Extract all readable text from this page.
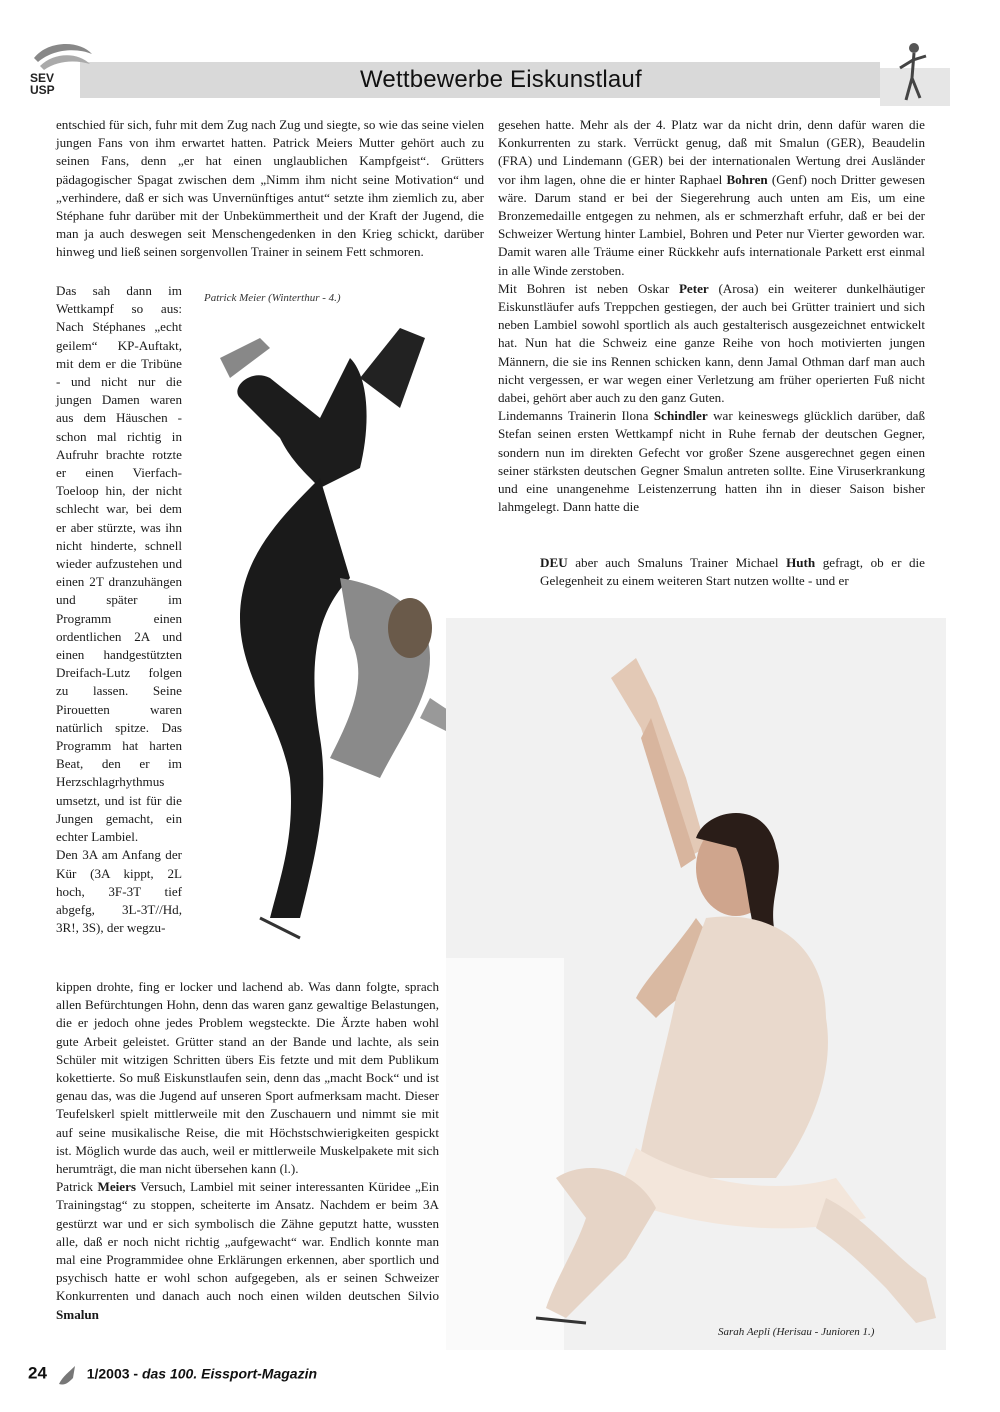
SEV
USP	Wettbewerbe Eiskunstlauf

entschied für sich, fuhr mit dem Zug nach Zug und siegte, so wie das seine vielen jungen Fans von ihm erwartet hatten. Patrick Meiers Mutter gehört auch zu seinen Fans, denn „er hat einen unglaublichen Kampfgeist“. Grütters pädagogischer Spagat zwischen dem „Nimm ihm nicht seine Motivation“ und „verhindere, daß er sich was Unvernünftiges antut“ setzte ihm ziemlich zu, aber Stéphane fuhr darüber mit der Unbekümmertheit und der Kraft der Jugend, die man ja auch deswegen seit Menschengedenken in den Krieg schickt, darüber hinweg und ließ seinen sorgenvollen Trainer in seinem Fett schmoren.

Das sah dann im Wettkampf so aus: Nach Stéphanes „echt geilem“ KP-Auftakt, mit dem er die Tribüne - und nicht nur die jungen Damen waren aus dem Häuschen - schon mal richtig in Aufruhr brachte rotzte er einen Vierfach-Toeloop hin, der nicht schlecht war, bei dem er aber stürzte, was ihn nicht hinderte, schnell wieder aufzustehen und einen 2T dranzuhängen und später im Programm einen ordentlichen 2A und einen handgestützten Dreifach-Lutz folgen zu lassen. Seine Pirouetten waren natürlich spitze. Das Programm hat harten Beat, den er im Herzschlagrhythmus umsetzt, und ist für die Jungen gemacht, ein echter Lambiel.

Den 3A am Anfang der Kür (3A kippt, 2L hoch, 3F-3T tief abgefg, 3L-3T//Hd, 3R!, 3S), der wegzu-

Patrick Meier (Winterthur - 4.)

kippen drohte, fing er locker und lachend ab. Was dann folgte, sprach allen Befürchtungen Hohn, denn das waren ganz gewaltige Belastungen, die er jedoch ohne jedes Problem wegsteckte. Die Ärzte haben wohl gute Arbeit geleistet. Grütter stand an der Bande und lachte, als sein Schüler mit witzigen Schritten übers Eis fetzte und mit dem Publikum kokettierte. So muß Eiskunstlaufen sein, denn das „macht Bock“ und ist genau das, was die Jugend auf unseren Sport aufmerksam macht. Dieser Teufelskerl spielt mittlerweile mit den Zuschauern und nimmt sie mit auf seine musikalische Reise, die mit Höchstschwierigkeiten gespickt ist. Möglich wurde das auch, weil er mittlerweile Muskelpakete mit sich herumträgt, die man nicht übersehen kann (l.).

Patrick Meiers Versuch, Lambiel mit seiner interessanten Küridee „Ein Trainingstag“ zu stoppen, scheiterte im Ansatz. Nachdem er beim 3A gestürzt war und er sich symbolisch die Zähne geputzt hatte, wussten alle, daß er noch nicht richtig „aufgewacht“ war. Endlich konnte man mal eine Programmidee ohne Erklärungen erkennen, aber sportlich und psychisch hatte er wohl schon aufgegeben, als er seinen Schweizer Konkurrenten und danach auch noch einen wilden deutschen Silvio Smalun

gesehen hatte. Mehr als der 4. Platz war da nicht drin, denn dafür waren die Konkurrenten zu stark. Verrückt genug, daß mit Smalun (GER), Beaudelin (FRA) und Lindemann (GER) bei der internationalen Wertung drei Ausländer vor ihm lagen, ohne die er hinter Raphael Bohren (Genf) noch Dritter gewesen wäre. Darum stand er bei der Siegerehrung auch unten am Eis, um eine Bronzemedaille entgegen zu nehmen, als er schmerzhaft erfuhr, daß er bei der Schweizer Wertung hinter Lambiel, Bohren und Peter nur Vierter geworden war. Damit waren alle Träume einer Rückkehr aufs internationale Parkett erst einmal in alle Winde zerstoben.

Mit Bohren ist neben Oskar Peter (Arosa) ein weiterer dunkelhäutiger Eiskunstläufer aufs Treppchen gestiegen, der auch bei Grütter trainiert und sich neben Lambiel sowohl sportlich als auch gestalterisch ausgezeichnet entwickelt hat. Nun hat die Schweiz eine ganze Reihe von hoch motivierten jungen Männern, die sie ins Rennen schicken kann, denn Jamal Othman darf man auch nicht vergessen, er war wegen einer Verletzung am früher operierten Fuß nicht dabei, gehört aber auch zu den ganz Guten.

Lindemanns Trainerin Ilona Schindler war keineswegs glücklich darüber, daß Stefan seinen ersten Wettkampf nicht in Ruhe fernab der deutschen Gegner, sondern nun im direkten Gefecht vor großer Szene ausgerechnet gegen einen seiner stärksten deutschen Gegner Smalun antreten sollte. Eine Viruserkrankung und eine unangenehme Leistenzerrung hatten ihn in dieser Saison bisher lahmgelegt. Dann hatte die

DEU aber auch Smaluns Trainer Michael Huth gefragt, ob er die Gelegenheit zu einem weiteren Start nutzen wollte - und er

Sarah Aepli (Herisau - Junioren 1.)
24	1/2003 - das 100. Eissport-Magazin
